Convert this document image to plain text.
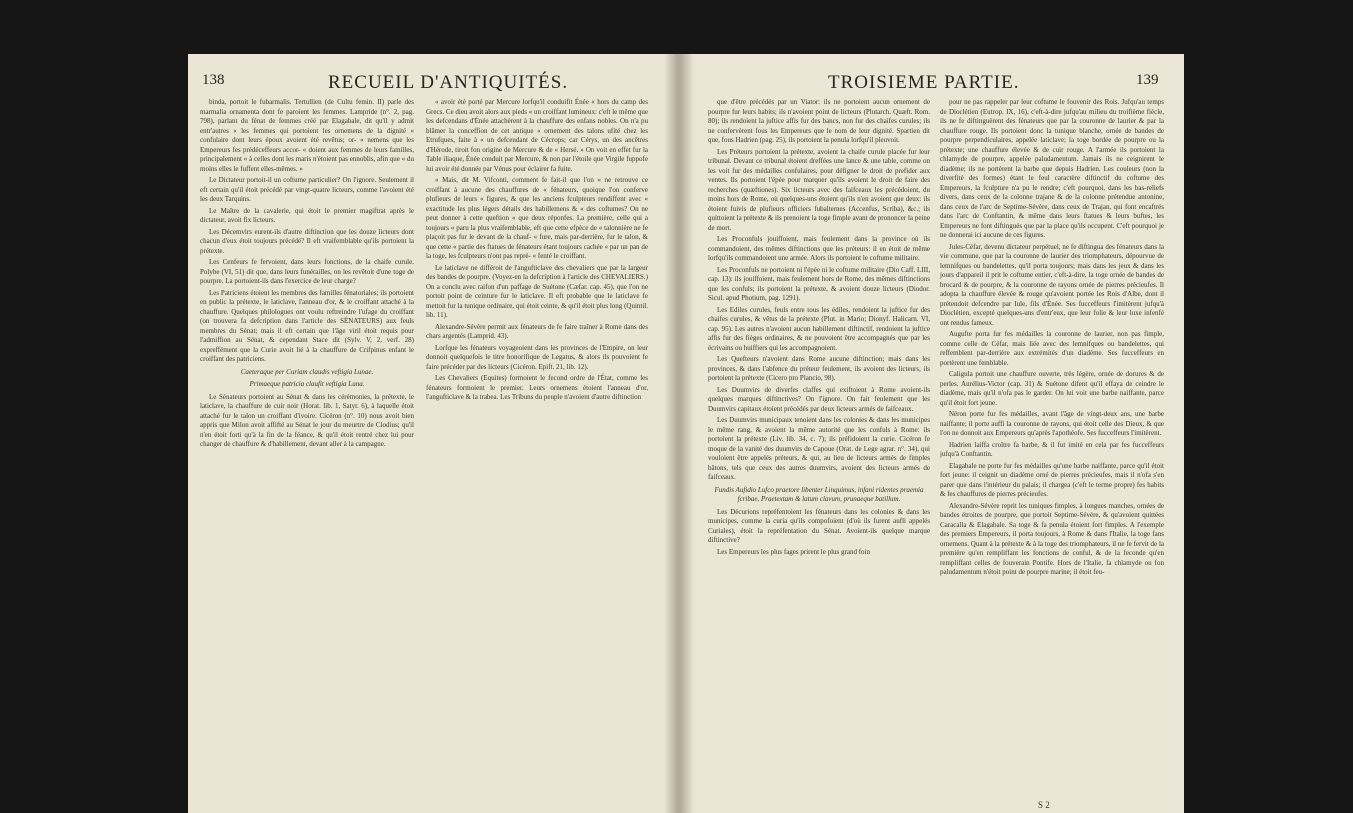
138	RECUEIL D'ANTIQUITÉS.

binda, portoit le fubarmalis. Tertullien (de Cultu femin. II) parle des marmalia ornamenta dont fe paroient les femmes. Lampride (n°. 2, pag. 798), parlant du fénat de femmes créé par Elagabale, dit qu'il y admit entr'autres « les femmes qui portoient les ornemens de la dignité « confulaire dont leurs époux avoient été revêtus; or- « nemens que les Empereurs fes prédéceffeurs accor- « doient aux femmes de leurs familles, principalement « à celles dont les maris n'étoient pas ennoblis, afin que « du moins elles le fuffent elles-mêmes. »

Le Dictateur portoit-il un coftume particulier? On l'ignore. Seulement il eft certain qu'il étoit précédé par vingt-quatre licteurs, comme l'avoient été les deux Tarquins.

Le Maître de la cavalerie, qui étoit le premier magiftrat après le dictateur, avoit fix licteurs.

Les Décemvirs eurent-ils d'autre diftinction que les douze licteurs dont chacun d'eux étoit toujours précédé? Il eft vraifemblable qu'ils portoient la prétexte.

Les Cenfeurs fe fervoient, dans leurs fonctions, de la chaife curule. Polybe (VI, 51) dit que, dans leurs funérailles, on les revêtoit d'une toge de pourpre. La portoient-ils dans l'exercice de leur charge?

Les Patriciens étoient les membres des familles fénatoriales; ils portoient en public la prétexte, le laticlave, l'anneau d'or, & le croiffant attaché à la chauffure. Quelques philologues ont voulu reftreindre l'ufage du croiffant (on trouvera fa defcription dans l'article des SÉNATEURS) aux feuls membres du Sénat; mais il eft certain que l'âge viril étoit requis pour l'admiffion au Sénat, & cependant Stace dit (Sylv. V, 2, verf. 28) expreffément que la Curie avoit lié à la chauffure de Crifpinus enfant le croiffant des patriciens.

Caeteraque per Curiam claudis veftigia Lunae.

Primaeque patricia claufit veftigia Luna.

Le Sénateurs portoient au Sénat & dans les cérémonies, la prétexte, le laticlave, la chauffure de cuir noir (Horat. lib. 1, Satyr. 6), à laquelle étoit attaché fur le talon un croiffant d'ivoire. Cicéron (n°. 10) nous avoit bien appris que Milon avoit affifté au Sénat le jour du meurtre de Clodius; qu'il n'en étoit forti qu'à la fin de la féance, & qu'il étoit rentré chez lui pour changer de chauffure & d'habillement, devant aller à la campagne.

« avoir été porté par Mercure lorfqu'il conduifit Énée « hors du camp des Grecs. Ce dieu avoit alors aux pieds « un croiffant lumineux: c'eft le même que les defcendans d'Énée attachèrent à la chauffure des enfans nobles. On n'a pu blâmer la conceffion de cet antique « ornement des talons ufité chez les Etrufques, faite à « un defcendant de Cécrops; car Cérys, un des ancêtres d'Hérode, tiroit fon origine de Mercure & de « Hersé. » On voit en effet fur la Table iliaque, Énée conduit par Mercure, & non par l'étoile que Virgile fuppofe lui avoir été donnée par Vénus pour éclairer fa fuite.

« Mais, dit M. Vifconti, comment fe fait-il que l'on « ne retrouve ce croiffant à aucune des chauffures de « fénateurs, quoique l'on conferve plufieurs de leurs « figures, & que les anciens fculpteurs rendiffent avec « exactitude les plus légers détails des habillemens & « des coftumes? On ne peut donner à cette queftion « que deux réponfes. La première, celle qui a toujours « paru la plus vraifemblable, eft que cette efpèce de « talonnière ne fe plaçoit pas fur le devant de la chauf- « fure, mais par-derrière, fur le talon, & que cette « partie des ftatues de fénateurs étant toujours cachée « par un pan de la toge, les fculpteurs n'ont pas repré- « fenté le croiffant.

Le laticlave ne différoit de l'angufticlave des chevaliers que par la largeur des bandes de pourpre. (Voyez-en la defcription à l'article des CHEVALIERS.) On a conclu avec raifon d'un paffage de Suétone (Cæfar. cap. 45), que l'on ne portoit point de ceinture fur le laticlave. Il eft probable que le laticlave fe mettoit fur la tunique ordinaire, qui étoit ceinte, & qu'il étoit plus long (Quintil. lib. 11).

Alexandre-Sévère permit aux fénateurs de fe faire traîner à Rome dans des chars argentés (Lamprid. 43).

Lorfque les fénateurs voyageoient dans les provinces de l'Empire, on leur donnoit quelquefois le titre honorifique de Legatus, & alors ils pouvoient fe faire précéder par des licteurs (Cicéron. Epift. 21, lib. 12).

Les Chevaliers (Equites) formoient le fecond ordre de l'État, comme les fénateurs formoient le premier. Leurs ornemens étoient l'anneau d'or, l'angufticlave & la trabea. Les Tribuns du peuple n'avoient d'autre diftinction

TROISIEME PARTIE.	139

que d'être précédés par un Viator: ils ne portoient aucun ornement de pourpre fur leurs habits; ils n'avoient point de licteurs (Plutarch. Quæft. Rom. 80); ils rendoient la juftice affis fur des bancs, non fur des chaifes curules; ils ne confervèrent fous les Empereurs que le nom de leur dignité. Spartien dit que, fous Hadrien (pag. 25), ils portoient la penula lorfqu'il pleuvoit.

Les Préteurs portoient la prétexte, avoient la chaife curule placée fur leur tribunal. Devant ce tribunal étoient dreffées une lance & une table, comme on les voit fur des médailles confulaires, pour défigner le droit de prefider aux ventes. Ils portoient l'épée pour marquer qu'ils avoient le droit de faire des recherches (quæftiones). Six licteurs avec des faifceaux les précédoient, du moins hors de Rome, où quelques-uns étoient qu'ils n'en avoient que deux: ils étoient fuivis de plufieurs officiers fubalternes (Accenfus, Scriba), &c.; ils quittoient la prétexte & ils prenoient la toge fimple avant de prononcer la peine de mort.

Les Proconfuls jouiffoient, mais feulement dans la province où ils commandoient, des mêmes diftinctions que les préteurs: il en étoit de même lorfqu'ils commandoient une armée. Alors ils portoient le coftume militaire.

Les Proconfuls ne portoient ni l'épée ni le coftume militaire (Dio Caff. LIII, cap. 13): ils jouiffoient, mais feulement hors de Rome, des mêmes diftinctions que les confuls; ils portoient la prétexte, & avoient douze licteurs (Diodor. Sicul. apud Photium, pag. 1291).

Les Ediles curules, feuls entre tous les édiles, rendoient la juftice fur des chaifes curules, & vêtus de la prétexte (Plut. in Mario; Dionyf. Halicarn. VI, cap. 95). Les autres n'avoient aucun habillement diftinctif, rendoient la juftice affis fur des fièges ordinaires, & ne pouvoient être accompagnés que par les écrivains ou huiffiers qui les accompagnoient.

Les Quefteurs n'avoient dans Rome aucune diftinction; mais dans les provinces, & dans l'abfence du préteur feulement, ils avoient des licteurs, ils portoient la prétexte (Cicero pro Plancio, 98).

Les Duumvirs de diverfes claffes qui exiftoient à Rome avoient-ils quelques marques diftinctives? On l'ignore. On fait feulement que les Duumvirs capitaux étoient précédés par deux licteurs armés de faifceaux.

Les Duumvirs municipaux tenoient dans les colonies & dans les municipes le même rang, & avoient la même autorité que les confuls à Rome: ils portoient la prétexte (Liv. lib. 34, c. 7); ils préfidoient la curie. Cicéron fe moque de la vanité des duumvirs de Capoue (Orat. de Lege agrar. n°. 34), qui vouloient être appelés préteurs, & qui, au lieu de licteurs armés de fimples bâtons, tels que ceux des autres duumvirs, avoient des licteurs armés de faifceaux.

Fundis Aufidio Lufco praetore libenter Linquimus, infani ridentes praemia fcribae, Praetextam & latum clavum, prunaeque batillum.

Les Décurions repréfentoient les fénateurs dans les colonies & dans les municipes, comme la curia qu'ils compofoient (d'où ils furent aufli appelés Curiales), étoit la repréfentation du Sénat. Avoient-ils quelque marque diftinctive?

Les Empereurs les plus fages prirent le plus grand foin

pour ne pas rappeler par leur coftume le fouvenir des Rois. Jufqu'au temps de Dioclétien (Eutrop. IX, 16), c'eft-à-dire jufqu'au milieu du troifième fiècle, ils ne fe diftinguèrent des fénateurs que par la couronne de laurier & par la chauffure rouge. Ils portoient donc la tunique blanche, ornée de bandes de pourpre perpendiculaires, appelée laticlave; la toge bordée de pourpre ou la prétexte; une chauffure élevée & de cuir rouge. A l'armée ils portoient la chlamyde de pourpre, appelée paludamentum. Jamais ils ne ceignirent le diadème; ils ne portèrent la barbe que depuis Hadrien. Les couleurs (non la diverfité des formes) étant le feul caractère diftinctif du coftume des Empereurs, la fculpture n'a pu le rendre; c'eft pourquoi, dans les bas-reliefs divers, dans ceux de la colonne trajane & de la colonne prétendue antonine, dans ceux de l'arc de Septime-Sévère, dans ceux de Trajan, qui font encaftrés dans l'arc de Conftantin, & même dans leurs ftatues & leurs buftes, les Empereurs ne font diftingués que par la place qu'ils occupent. C'eft pourquoi je ne donnerai ici aucune de ces figures.

Jules-Céfar, devenu dictateur perpétuel, ne fe diftingua des fénateurs dans la vie commune, que par la couronne de laurier des triomphateurs, dépourvue de lemnifques ou bandelettes, qu'il porta toujours; mais dans les jeux & dans les jours d'appareil il prit le coftume entier, c'eft-à-dire, la toge ornée de bandes de brocard & de pourpre, & la couronne de rayons ornée de pierres précieufes. Il adopta la chauffure élevée & rouge qu'avoient portée les Rois d'Albe, dont il prétendoit defcendre par Iule, fils d'Énée. Ses fucceffeurs l'imitèrent jufqu'à Dioclétien, excepté quelques-uns d'entr'eux, que leur folie & leur luxe infenfé ont rendus fameux.

Augufte porta fur fes médailles la couronne de laurier, non pas fimple, comme celle de Céfar, mais liée avec des lemnifques ou bandelettes, qui reffemblent par-derrière aux extrémités d'un diadème. Ses fucceffeurs en portèrent une femblable.

Caligula portoit une chauffure ouverte, très légère, ornée de dorures & de perles. Aurélius-Victor (cap. 31) & Suétone difent qu'il effaya de ceindre le diadème, mais qu'il n'ofa pas le garder. On lui voit une barbe naiffante, parce qu'il étoit fort jeune.

Néron porte fur fes médailles, avant l'âge de vingt-deux ans, une barbe naiffante; il porte auffi la couronne de rayons, qui étoit celle des Dieux, & que l'on ne donnoit aux Empereurs qu'après l'apothéofe. Ses fucceffeurs l'imitèrent.

Hadrien laiffa croître fa barbe, & il fut imité en cela par fes fucceffeurs jufqu'à Conftantin.

Elagabale ne porte fur fes médailles qu'une barbe naiffante, parce qu'il étoit fort jeune: il ceignit un diadème orné de pierres précieufes, mais il n'ofa s'en parer que dans l'intérieur du palais; il chargea (c'eft le terme propre) fes habits & fes chauffures de pierres précieufes.

Alexandre-Sévère reprit les tuniques fimples, à longues manches, ornées de bandes étroites de pourpre, que portoit Septime-Sévère, & qu'avoient quittées Caracalla & Elagabale. Sa toge & fa penula étoient fort fimples. A l'exemple des premiers Empereurs, il porta toujours, à Rome & dans l'Italie, la toge fans ornemens. Quant à la prétexte & à la toge des triomphateurs, il ne fe fervit de la première qu'en rempliffant les fonctions de conful, & de la feconde qu'en rempliffant celles de fouverain Pontife. Hors de l'Italie, fa chlamyde ou fon paludamentum n'étoit point de pourpre marine; il étoit feu-

S 2
